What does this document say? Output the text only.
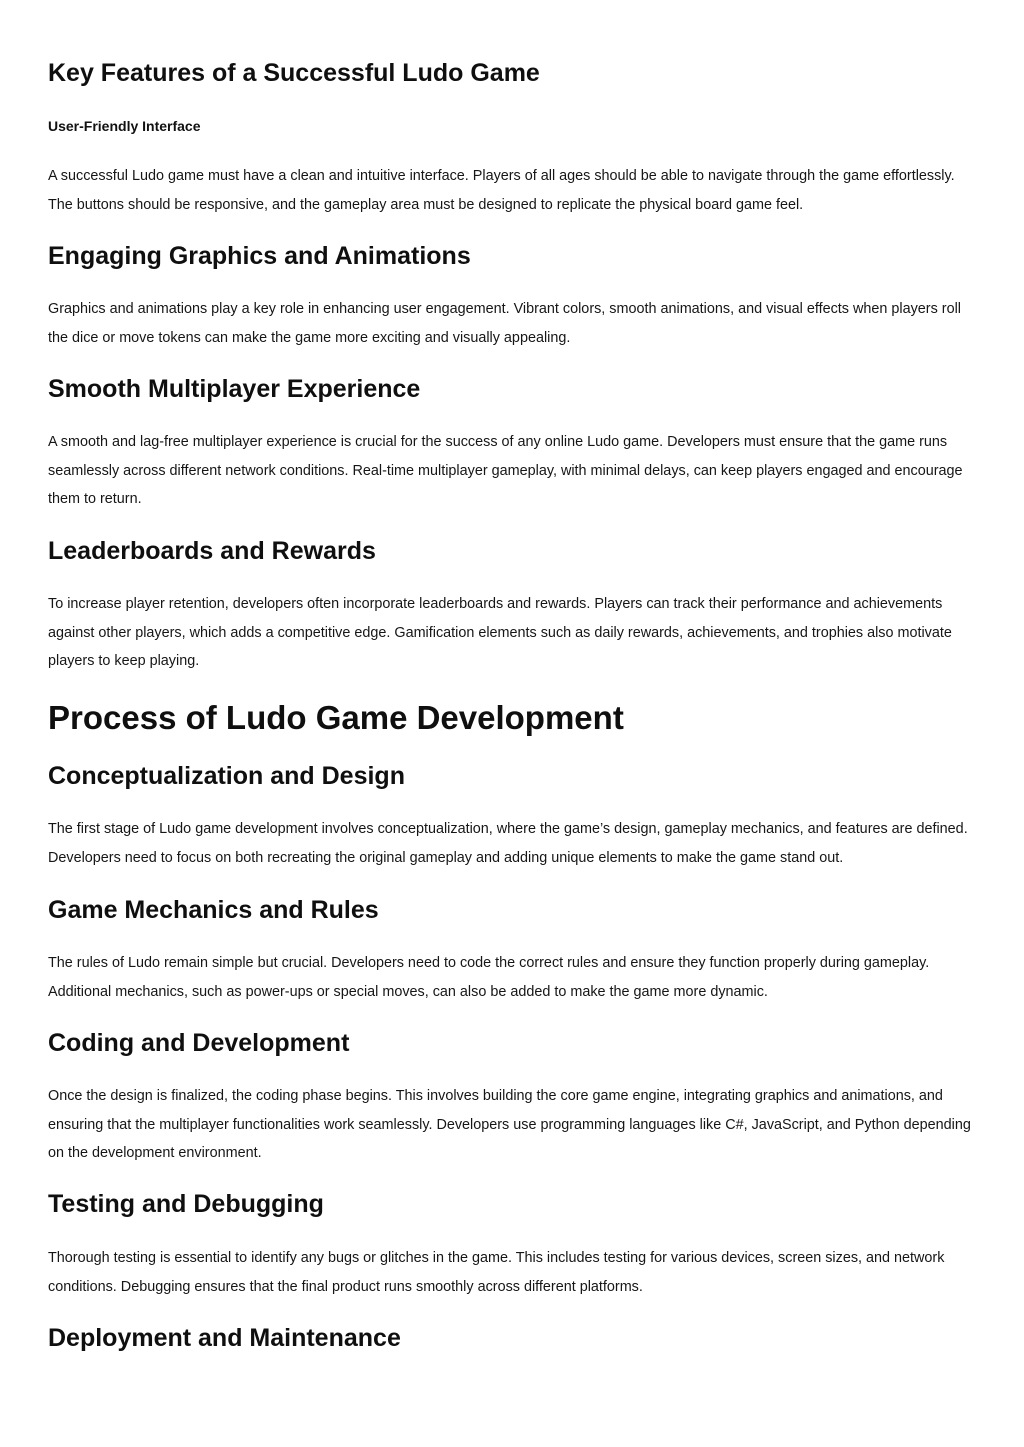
Key Features of a Successful Ludo Game
User-Friendly Interface

A successful Ludo game must have a clean and intuitive interface. Players of all ages should be able to navigate through the game effortlessly. The buttons should be responsive, and the gameplay area must be designed to replicate the physical board game feel.

Engaging Graphics and Animations

Graphics and animations play a key role in enhancing user engagement. Vibrant colors, smooth animations, and visual effects when players roll the dice or move tokens can make the game more exciting and visually appealing.

Smooth Multiplayer Experience

A smooth and lag-free multiplayer experience is crucial for the success of any online Ludo game. Developers must ensure that the game runs seamlessly across different network conditions. Real-time multiplayer gameplay, with minimal delays, can keep players engaged and encourage them to return.

Leaderboards and Rewards

To increase player retention, developers often incorporate leaderboards and rewards. Players can track their performance and achievements against other players, which adds a competitive edge. Gamification elements such as daily rewards, achievements, and trophies also motivate players to keep playing.

Process of Ludo Game Development
Conceptualization and Design

The first stage of Ludo game development involves conceptualization, where the game’s design, gameplay mechanics, and features are defined. Developers need to focus on both recreating the original gameplay and adding unique elements to make the game stand out.

Game Mechanics and Rules

The rules of Ludo remain simple but crucial. Developers need to code the correct rules and ensure they function properly during gameplay. Additional mechanics, such as power-ups or special moves, can also be added to make the game more dynamic.

Coding and Development

Once the design is finalized, the coding phase begins. This involves building the core game engine, integrating graphics and animations, and ensuring that the multiplayer functionalities work seamlessly. Developers use programming languages like C#, JavaScript, and Python depending on the development environment.

Testing and Debugging

Thorough testing is essential to identify any bugs or glitches in the game. This includes testing for various devices, screen sizes, and network conditions. Debugging ensures that the final product runs smoothly across different platforms.

Deployment and Maintenance
